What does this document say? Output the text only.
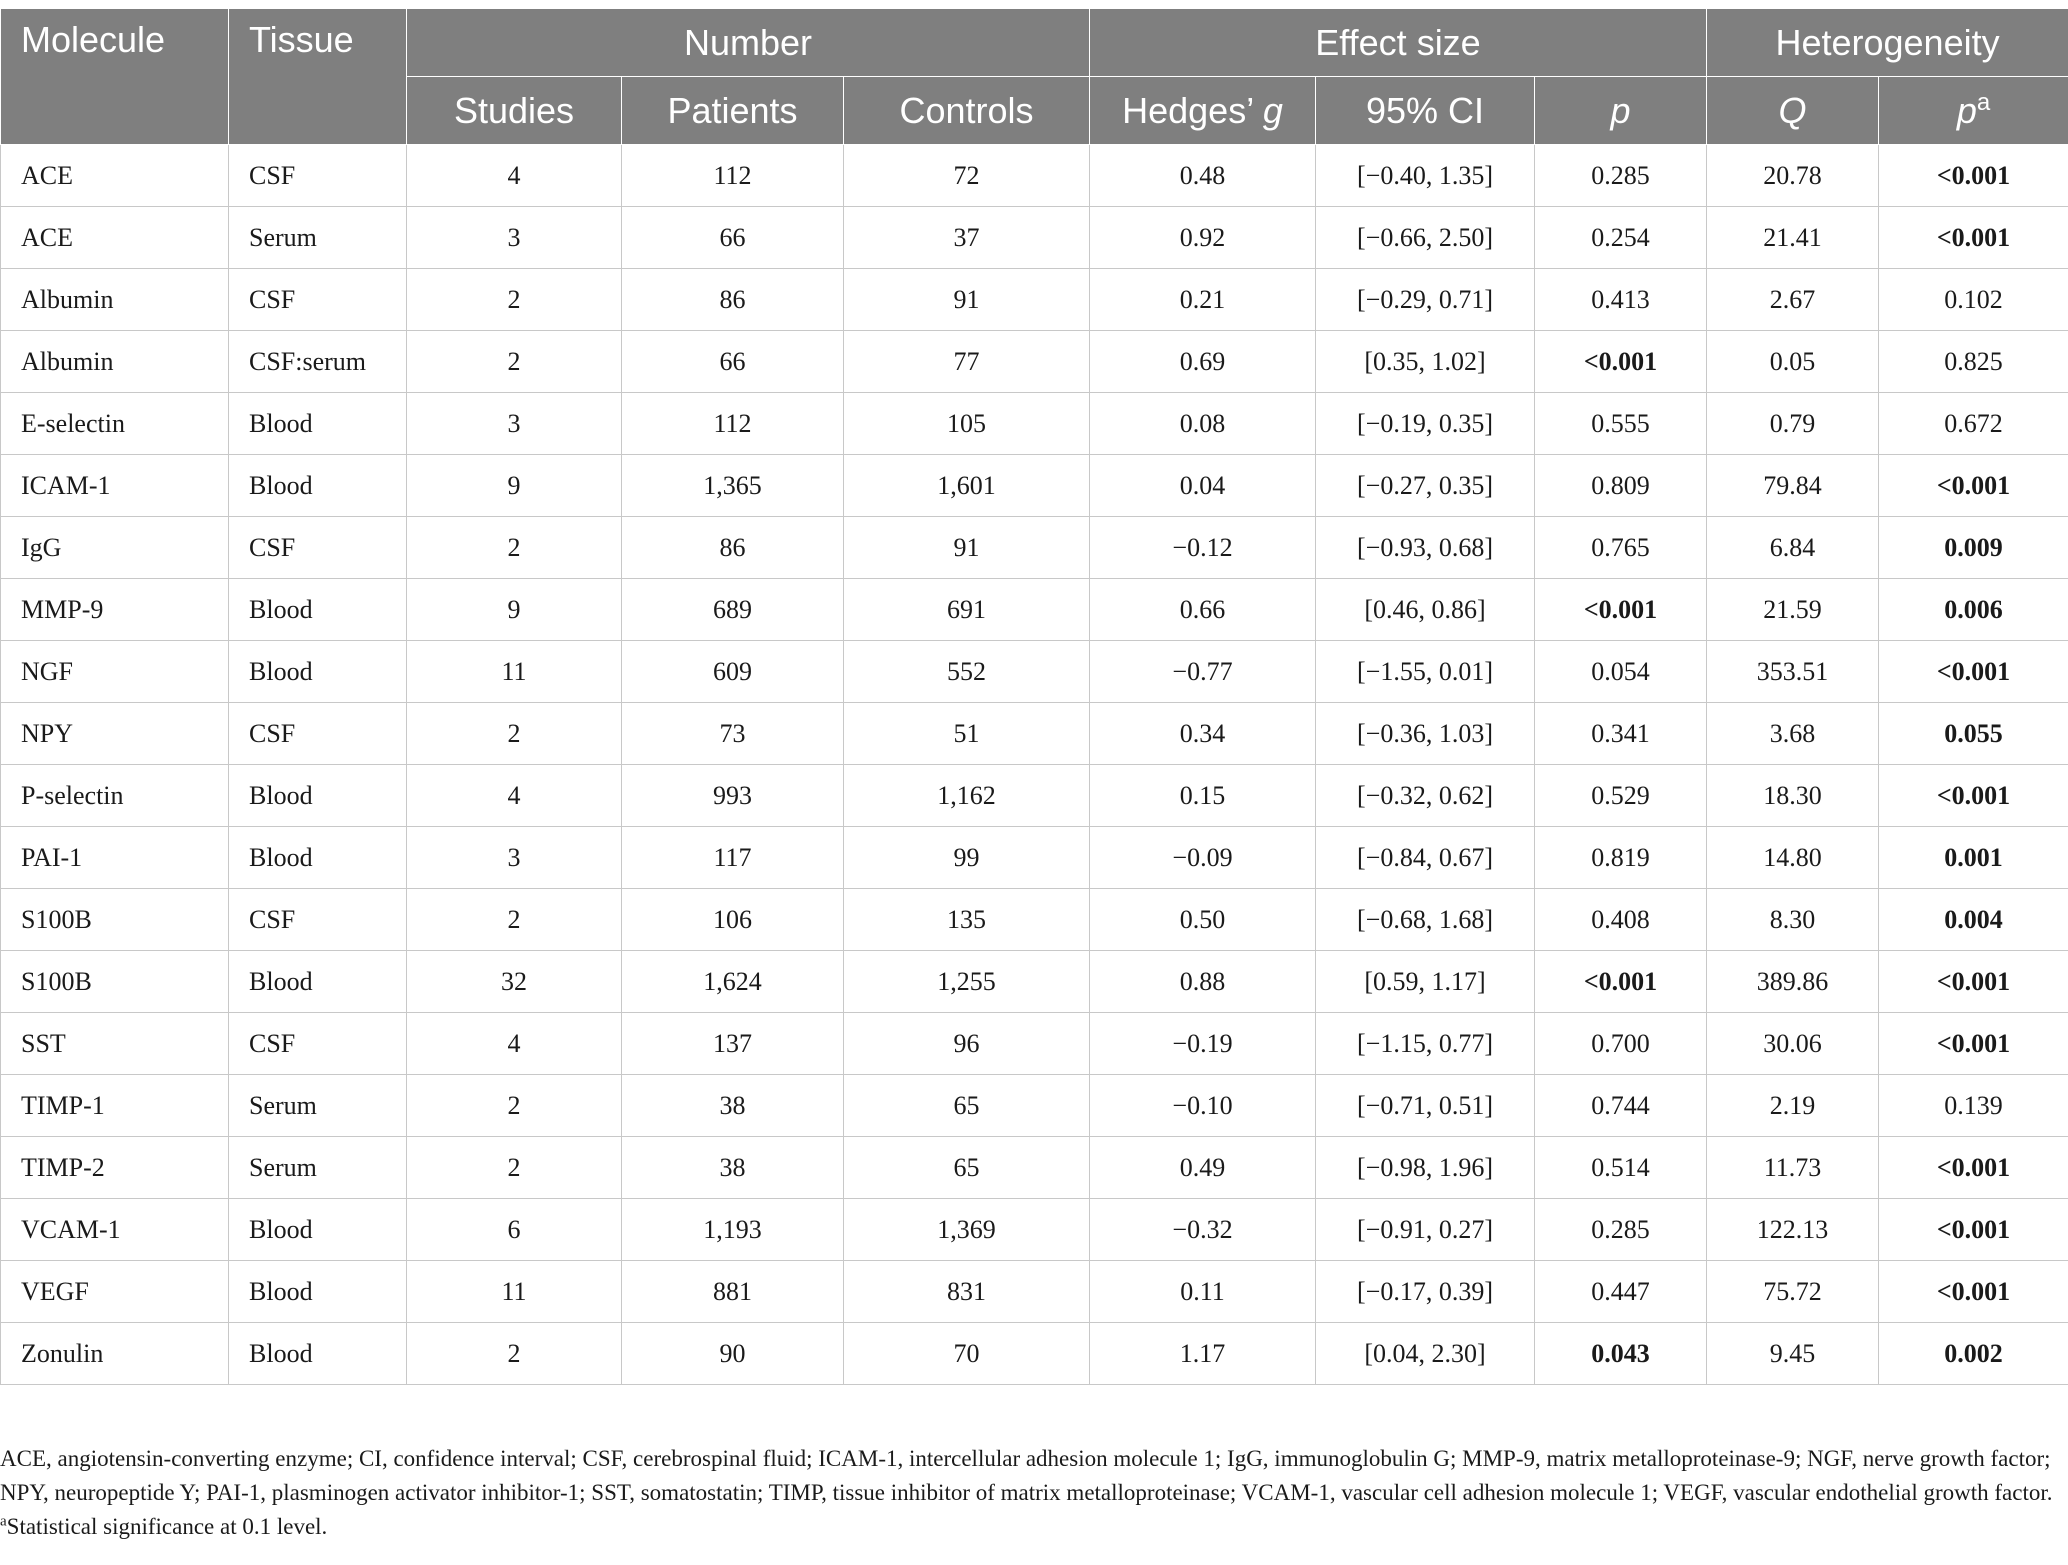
Molecule	Tissue	Number			Effect size			Heterogeneity	
		Studies	Patients	Controls	Hedges’ g	95% CI	p	Q	$p^a$
ACE	CSF	4	112	72	0.48	[−0.40, 1.35]	0.285	20.78	<0.001
ACE	Serum	3	66	37	0.92	[−0.66, 2.50]	0.254	21.41	<0.001
Albumin	CSF	2	86	91	0.21	[−0.29, 0.71]	0.413	2.67	0.102
Albumin	CSF:serum	2	66	77	0.69	[0.35, 1.02]	<0.001	0.05	0.825
E-selectin	Blood	3	112	105	0.08	[−0.19, 0.35]	0.555	0.79	0.672
ICAM-1	Blood	9	1,365	1,601	0.04	[−0.27, 0.35]	0.809	79.84	<0.001
IgG	CSF	2	86	91	−0.12	[−0.93, 0.68]	0.765	6.84	0.009
MMP-9	Blood	9	689	691	0.66	[0.46, 0.86]	<0.001	21.59	0.006
NGF	Blood	11	609	552	−0.77	[−1.55, 0.01]	0.054	353.51	<0.001
NPY	CSF	2	73	51	0.34	[−0.36, 1.03]	0.341	3.68	0.055
P-selectin	Blood	4	993	1,162	0.15	[−0.32, 0.62]	0.529	18.30	<0.001
PAI-1	Blood	3	117	99	−0.09	[−0.84, 0.67]	0.819	14.80	0.001
S100B	CSF	2	106	135	0.50	[−0.68, 1.68]	0.408	8.30	0.004
S100B	Blood	32	1,624	1,255	0.88	[0.59, 1.17]	<0.001	389.86	<0.001
SST	CSF	4	137	96	−0.19	[−1.15, 0.77]	0.700	30.06	<0.001
TIMP-1	Serum	2	38	65	−0.10	[−0.71, 0.51]	0.744	2.19	0.139
TIMP-2	Serum	2	38	65	0.49	[−0.98, 1.96]	0.514	11.73	<0.001
VCAM-1	Blood	6	1,193	1,369	−0.32	[−0.91, 0.27]	0.285	122.13	<0.001
VEGF	Blood	11	881	831	0.11	[−0.17, 0.39]	0.447	75.72	<0.001
Zonulin	Blood	2	90	70	1.17	[0.04, 2.30]	0.043	9.45	0.002
ACE, angiotensin-converting enzyme; CI, confidence interval; CSF, cerebrospinal fluid; ICAM-1, intercellular adhesion molecule 1; IgG, immunoglobulin G; MMP-9, matrix metalloproteinase-9; NGF, nerve growth factor; NPY, neuropeptide Y; PAI-1, plasminogen activator inhibitor-1; SST, somatostatin; TIMP, tissue inhibitor of matrix metalloproteinase; VCAM-1, vascular cell adhesion molecule 1; VEGF, vascular endothelial growth factor. $^a$Statistical significance at 0.1 level.
